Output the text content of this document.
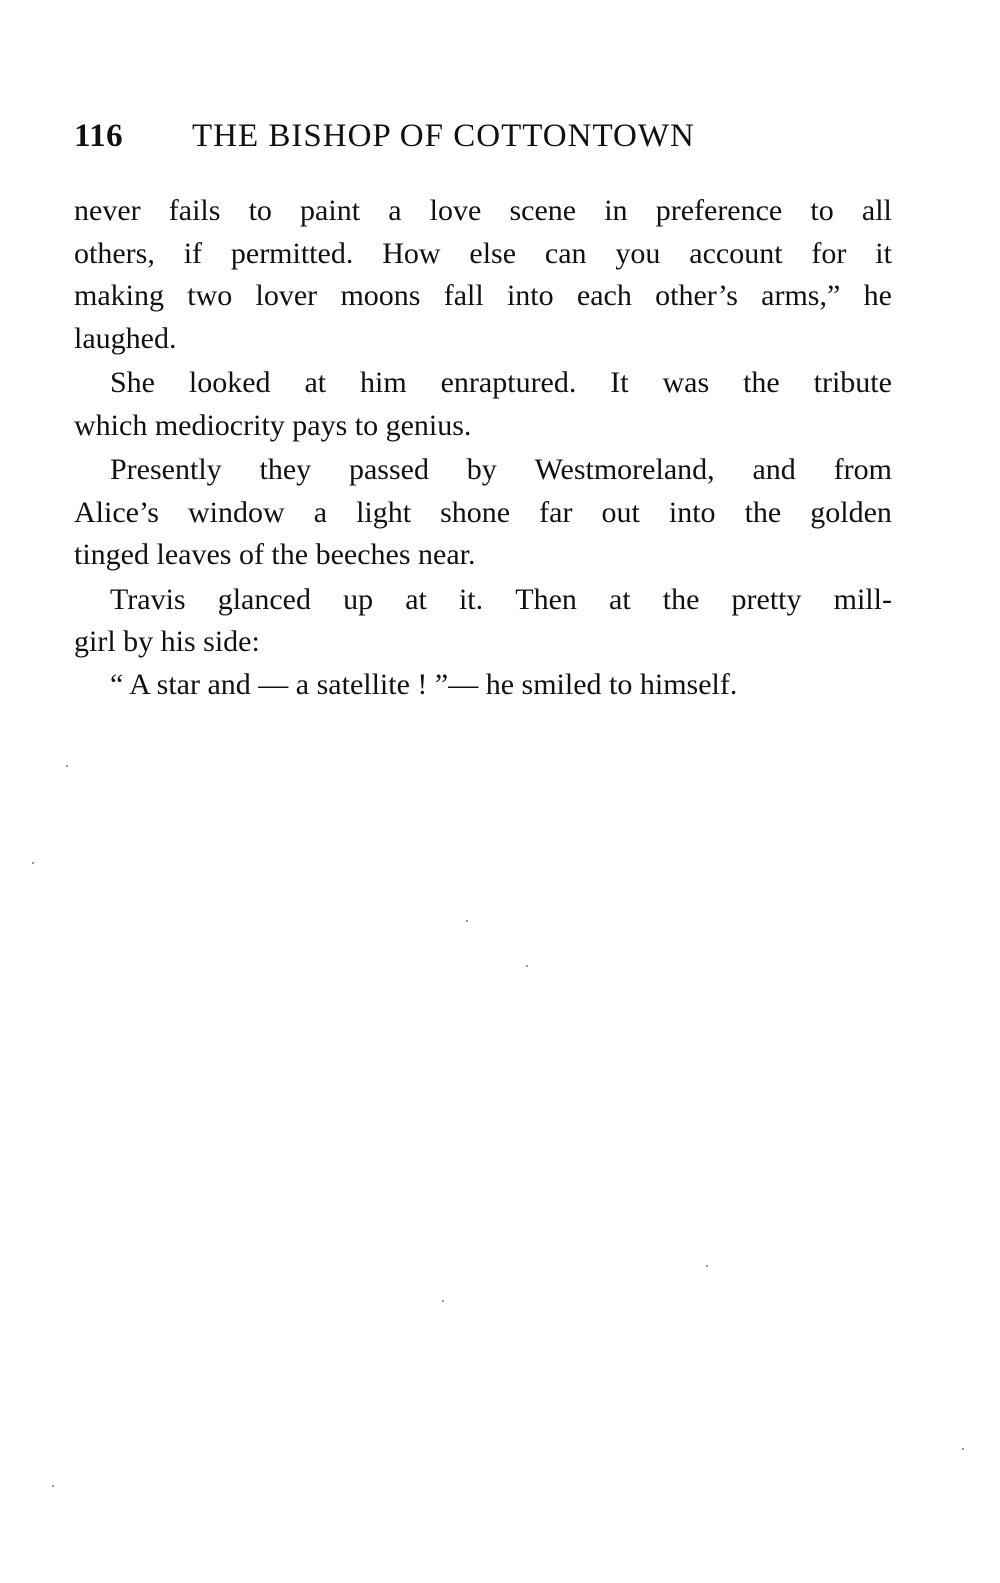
116	THE BISHOP OF COTTONTOWN
never fails to paint a love scene in preference to all
others, if permitted. How else can you account for it
making two lover moons fall into each other’s arms,” he
laughed.
She looked at him enraptured. It was the tribute
which mediocrity pays to genius.
Presently they passed by Westmoreland, and from
Alice’s window a light shone far out into the golden
tinged leaves of the beeches near.
Travis glanced up at it. Then at the pretty mill-
girl by his side:
“ A star and — a satellite ! ”— he smiled to himself.
